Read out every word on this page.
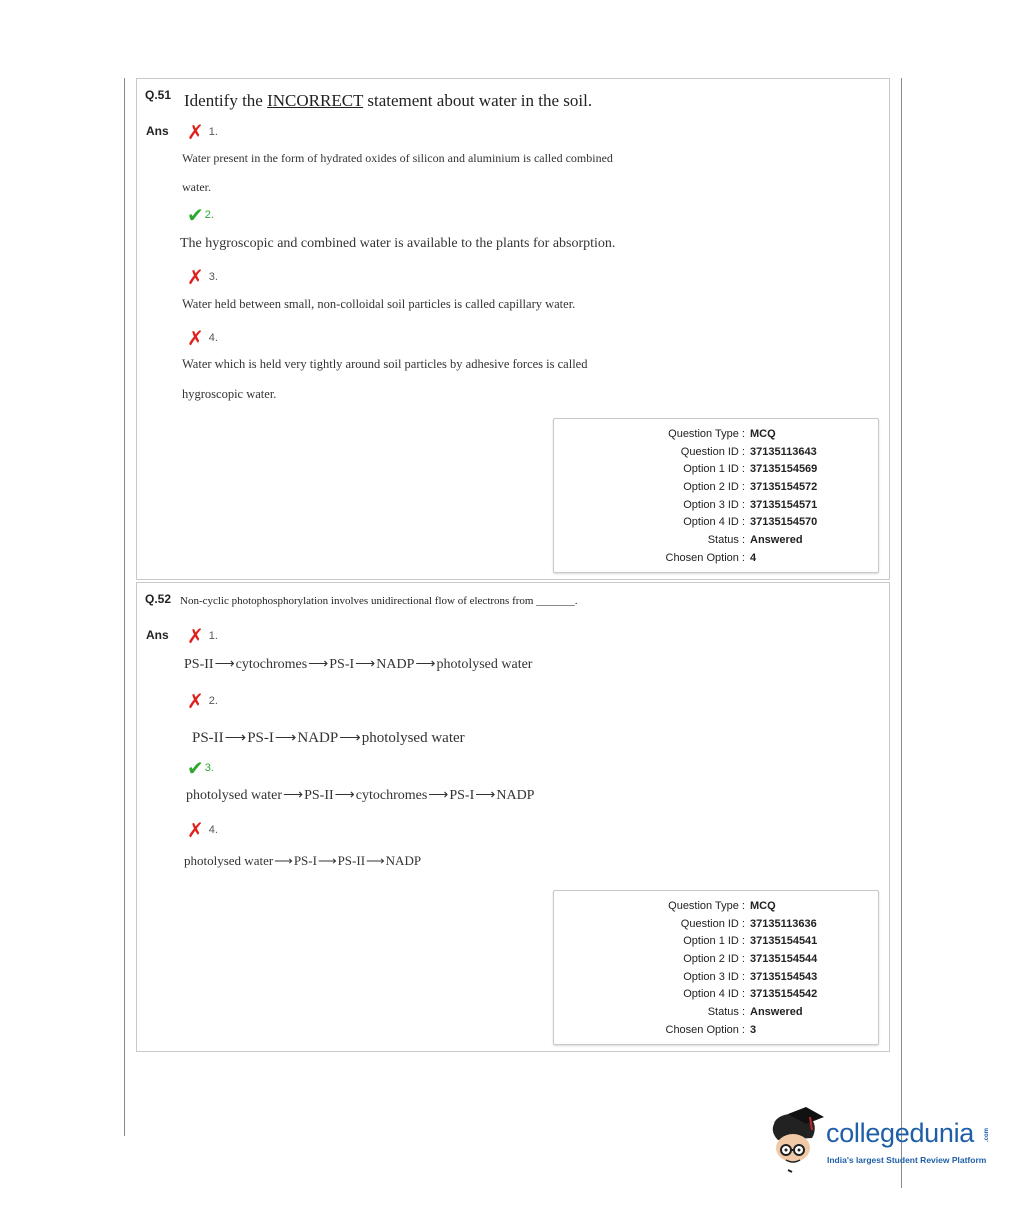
Q.51 Identify the INCORRECT statement about water in the soil.
Ans ✗ 1.
Water present in the form of hydrated oxides of silicon and aluminium is called combined
water.
✔ 2.
The hygroscopic and combined water is available to the plants for absorption.
✗ 3.
Water held between small, non-colloidal soil particles is called capillary water.
✗ 4.
Water which is held very tightly around soil particles by adhesive forces is called
hygroscopic water.
Question Type : MCQ
Question ID : 37135113643
Option 1 ID : 37135154569
Option 2 ID : 37135154572
Option 3 ID : 37135154571
Option 4 ID : 37135154570
Status : Answered
Chosen Option : 4
Q.52 Non-cyclic photophosphorylation involves unidirectional flow of electrons from _______.
Ans ✗ 1.
PS-II⟶cytochromes⟶PS-I⟶NADP⟶photolysed water
✗ 2.
PS-II⟶PS-I⟶NADP⟶photolysed water
✔ 3.
photolysed water⟶PS-II⟶cytochromes⟶PS-I⟶NADP
✗ 4.
photolysed water⟶PS-I⟶PS-II⟶NADP
Question Type : MCQ
Question ID : 37135113636
Option 1 ID : 37135154541
Option 2 ID : 37135154544
Option 3 ID : 37135154543
Option 4 ID : 37135154542
Status : Answered
Chosen Option : 3
collegedunia .com
India's largest Student Review Platform
